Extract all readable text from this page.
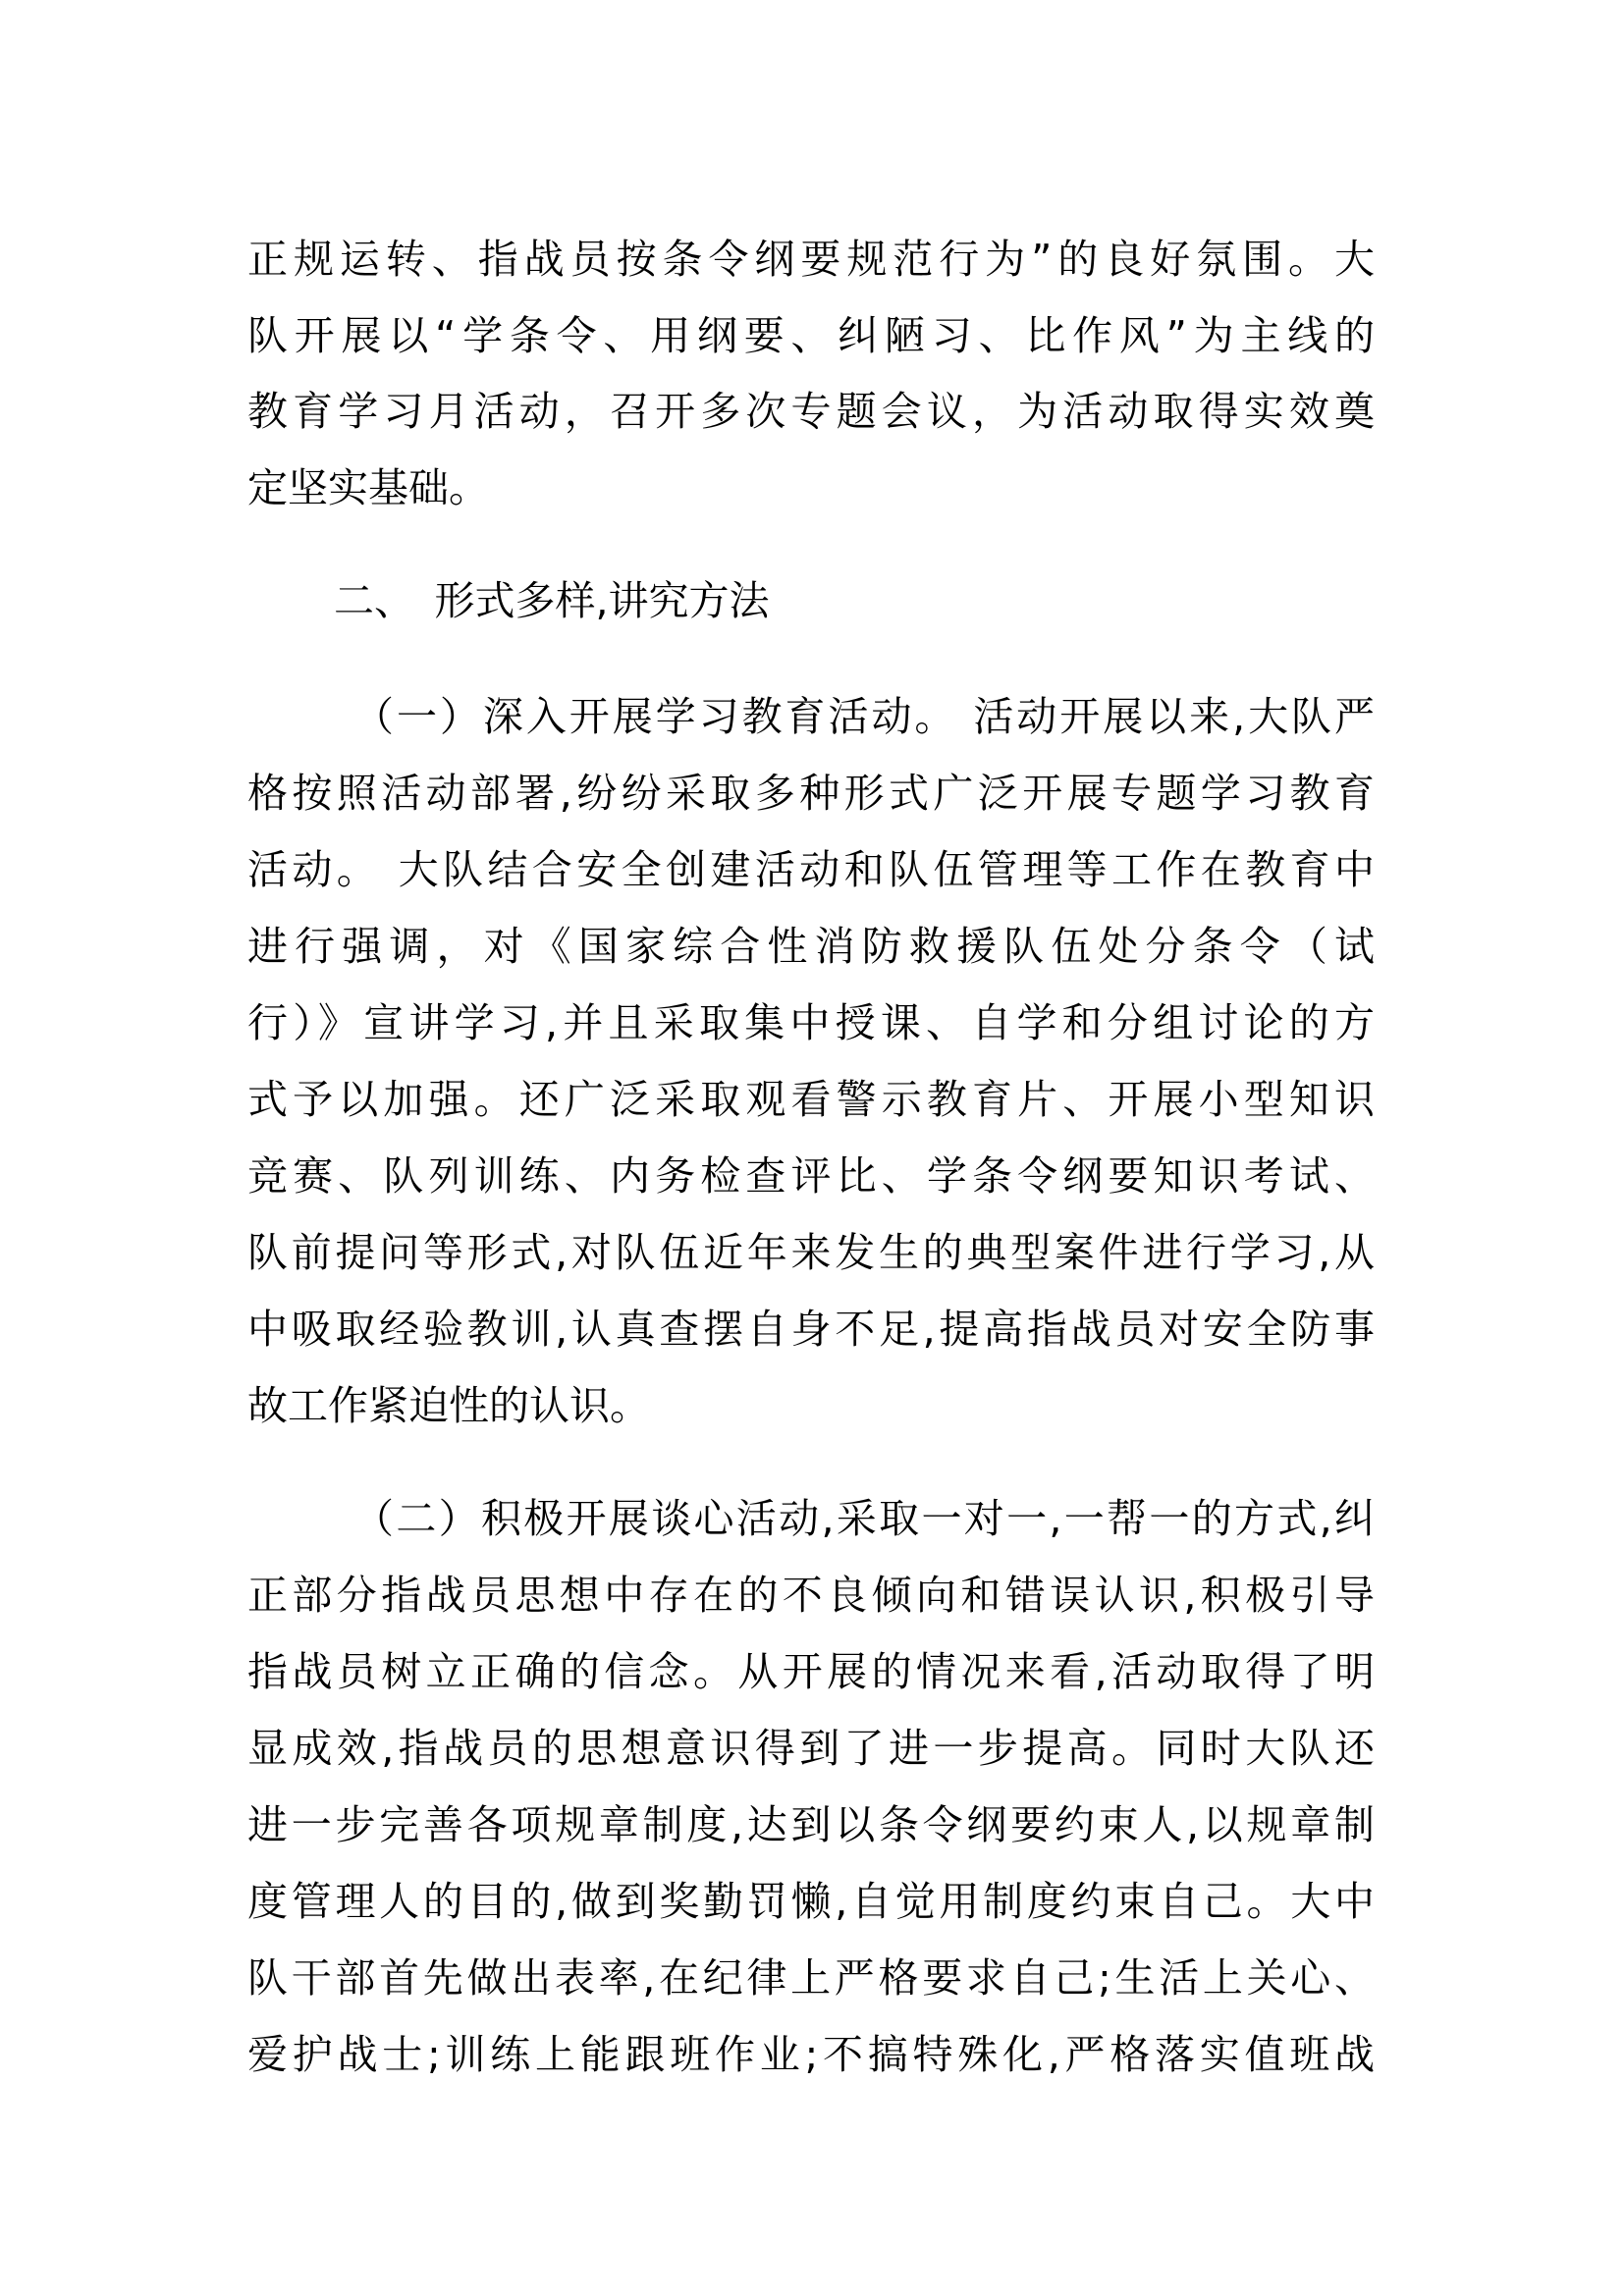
正规运转、指战员按条令纲要规范行为”的良好氛围。大
队开展以“学条令、用纲要、纠陋习、比作风”为主线的
教育学习月活动，召开多次专题会议，为活动取得实效奠
定坚实基础。
二、　形式多样,讲究方法
（一）深入开展学习教育活动。 活动开展以来,大队严
格按照活动部署,纷纷采取多种形式广泛开展专题学习教育
活动。 大队结合安全创建活动和队伍管理等工作在教育中
进行强调，对《国家综合性消防救援队伍处分条令（试
行）》宣讲学习,并且采取集中授课、自学和分组讨论的方
式予以加强。还广泛采取观看警示教育片、开展小型知识
竞赛、队列训练、内务检查评比、学条令纲要知识考试、
队前提问等形式,对队伍近年来发生的典型案件进行学习,从
中吸取经验教训,认真查摆自身不足,提高指战员对安全防事
故工作紧迫性的认识。
（二）积极开展谈心活动,采取一对一,一帮一的方式,纠
正部分指战员思想中存在的不良倾向和错误认识,积极引导
指战员树立正确的信念。从开展的情况来看,活动取得了明
显成效,指战员的思想意识得到了进一步提高。同时大队还
进一步完善各项规章制度,达到以条令纲要约束人,以规章制
度管理人的目的,做到奖勤罚懒,自觉用制度约束自己。大中
队干部首先做出表率,在纪律上严格要求自己;生活上关心、
爱护战士;训练上能跟班作业;不搞特殊化,严格落实值班战
